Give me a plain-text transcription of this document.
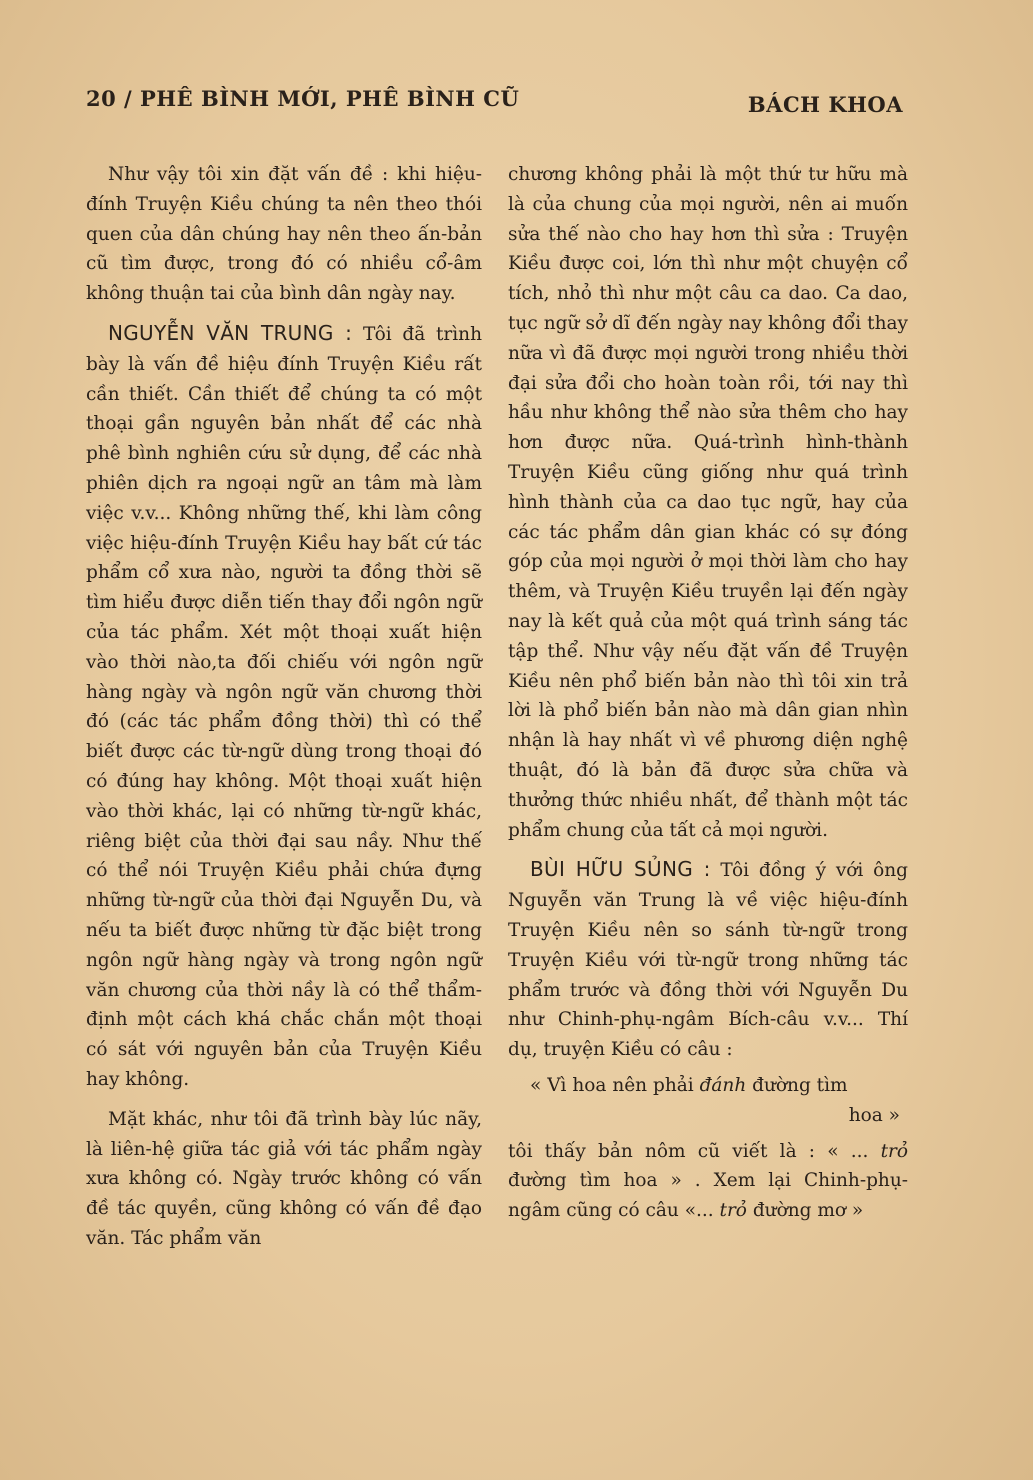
20 / PHÊ BÌNH MỚI, PHÊ BÌNH CŨ	BÁCH KHOA

Như vậy tôi xin đặt vấn đề : khi hiệu-đính Truyện Kiều chúng ta nên theo thói quen của dân chúng hay nên theo ấn-bản cũ tìm được, trong đó có nhiều cổ-âm không thuận tai của bình dân ngày nay.

NGUYỄN VĂN TRUNG : Tôi đã trình bày là vấn đề hiệu đính Truyện Kiều rất cần thiết. Cần thiết để chúng ta có một thoại gần nguyên bản nhất để các nhà phê bình nghiên cứu sử dụng, để các nhà phiên dịch ra ngoại ngữ an tâm mà làm việc v.v... Không những thế, khi làm công việc hiệu-đính Truyện Kiều hay bất cứ tác phẩm cổ xưa nào, người ta đồng thời sẽ tìm hiểu được diễn tiến thay đổi ngôn ngữ của tác phẩm. Xét một thoại xuất hiện vào thời nào,ta đối chiếu với ngôn ngữ hàng ngày và ngôn ngữ văn chương thời đó (các tác phẩm đồng thời) thì có thể biết được các từ-ngữ dùng trong thoại đó có đúng hay không. Một thoại xuất hiện vào thời khác, lại có những từ-ngữ khác, riêng biệt của thời đại sau nầy. Như thế có thể nói Truyện Kiều phải chứa đựng những từ-ngữ của thời đại Nguyễn Du, và nếu ta biết được những từ đặc biệt trong ngôn ngữ hàng ngày và trong ngôn ngữ văn chương của thời nầy là có thể thẩm-định một cách khá chắc chắn một thoại có sát với nguyên bản của Truyện Kiều hay không.

Mặt khác, như tôi đã trình bày lúc nãy, là liên-hệ giữa tác giả với tác phẩm ngày xưa không có. Ngày trước không có vấn đề tác quyền, cũng không có vấn đề đạo văn. Tác phẩm văn

chương không phải là một thứ tư hữu mà là của chung của mọi người, nên ai muốn sửa thế nào cho hay hơn thì sửa : Truyện Kiều được coi, lớn thì như một chuyện cổ tích, nhỏ thì như một câu ca dao. Ca dao, tục ngữ sở dĩ đến ngày nay không đổi thay nữa vì đã được mọi người trong nhiều thời đại sửa đổi cho hoàn toàn rồi, tới nay thì hầu như không thể nào sửa thêm cho hay hơn được nữa. Quá-trình hình-thành Truyện Kiều cũng giống như quá trình hình thành của ca dao tục ngữ, hay của các tác phẩm dân gian khác có sự đóng góp của mọi người ở mọi thời làm cho hay thêm, và Truyện Kiều truyền lại đến ngày nay là kết quả của một quá trình sáng tác tập thể. Như vậy nếu đặt vấn đề Truyện Kiều nên phổ biến bản nào thì tôi xin trả lời là phổ biến bản nào mà dân gian nhìn nhận là hay nhất vì về phương diện nghệ thuật, đó là bản đã được sửa chữa và thưởng thức nhiều nhất, để thành một tác phẩm chung của tất cả mọi người.

BÙI HỮU SỦNG : Tôi đồng ý với ông Nguyễn văn Trung là về việc hiệu-đính Truyện Kiều nên so sánh từ-ngữ trong Truyện Kiều với từ-ngữ trong những tác phẩm trước và đồng thời với Nguyễn Du như Chinh-phụ-ngâm Bích-câu v.v... Thí dụ, truyện Kiều có câu :

« Vì hoa nên phải đánh đường tìm
hoa »

tôi thấy bản nôm cũ viết là : « ... trỏ đường tìm hoa » . Xem lại Chinh-phụ-ngâm cũng có câu «... trỏ đường mơ »
